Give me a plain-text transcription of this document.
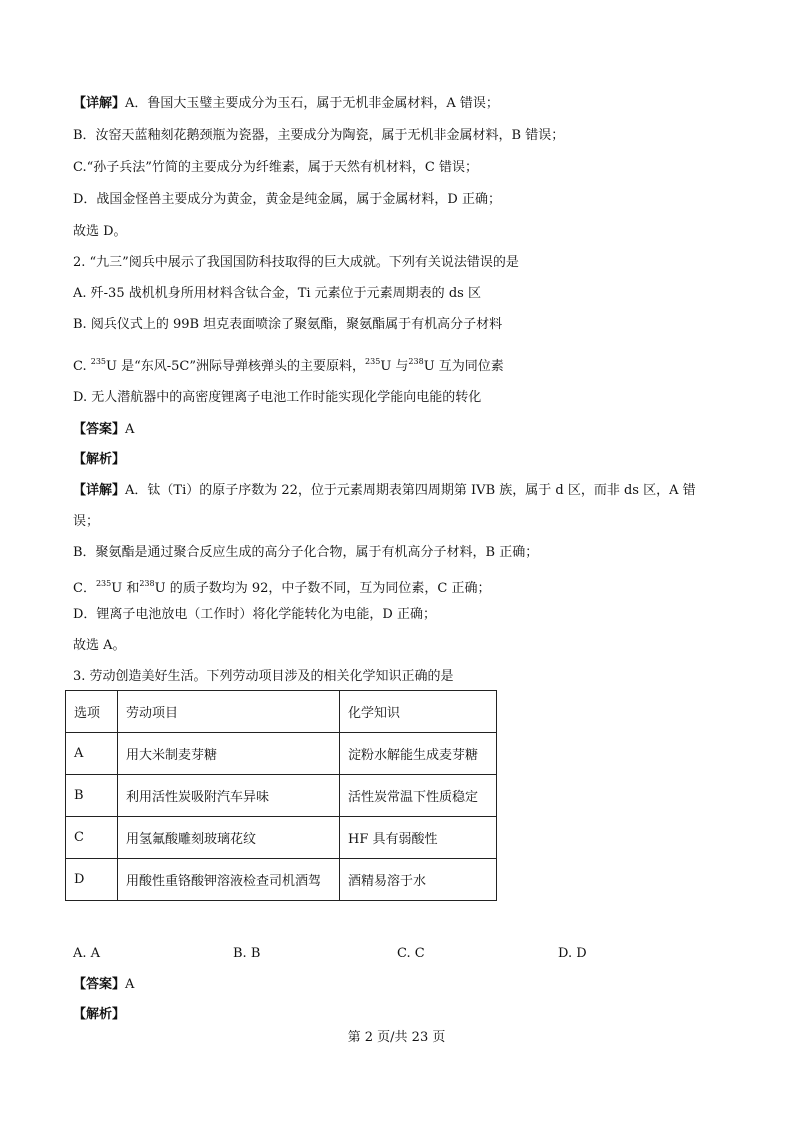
【详解】A．鲁国大玉璧主要成分为玉石，属于无机非金属材料，A 错误；
B．汝窑天蓝釉刻花鹅颈瓶为瓷器，主要成分为陶瓷，属于无机非金属材料，B 错误；
C.“孙子兵法”竹简的主要成分为纤维素，属于天然有机材料，C 错误；
D．战国金怪兽主要成分为黄金，黄金是纯金属，属于金属材料，D 正确；
故选 D。
2. “九三”阅兵中展示了我国国防科技取得的巨大成就。下列有关说法错误的是
A. 歼-35 战机机身所用材料含钛合金，Ti 元素位于元素周期表的 ds 区
B. 阅兵仪式上的 99B 坦克表面喷涂了聚氨酯，聚氨酯属于有机高分子材料
C. $^{235}$U 是“东风-5C”洲际导弹核弹头的主要原料，$^{235}$U 与$^{238}$U 互为同位素
D. 无人潜航器中的高密度锂离子电池工作时能实现化学能向电能的转化
【答案】A
【解析】
【详解】A．钛（Ti）的原子序数为 22，位于元素周期表第四周期第 IVB 族，属于 d 区，而非 ds 区，A 错
误；
B．聚氨酯是通过聚合反应生成的高分子化合物，属于有机高分子材料，B 正确；
C．$^{235}$U 和$^{238}$U 的质子数均为 92，中子数不同，互为同位素，C 正确；
D．锂离子电池放电（工作时）将化学能转化为电能，D 正确；
故选 A。
3. 劳动创造美好生活。下列劳动项目涉及的相关化学知识正确的是
选项	劳动项目	化学知识
A	用大米制麦芽糖	淀粉水解能生成麦芽糖
B	利用活性炭吸附汽车异味	活性炭常温下性质稳定
C	用氢氟酸雕刻玻璃花纹	HF 具有弱酸性
D	用酸性重铬酸钾溶液检查司机酒驾	酒精易溶于水
A. A	B. B	C. C	D. D
【答案】A
【解析】
第 2 页/共 23 页
